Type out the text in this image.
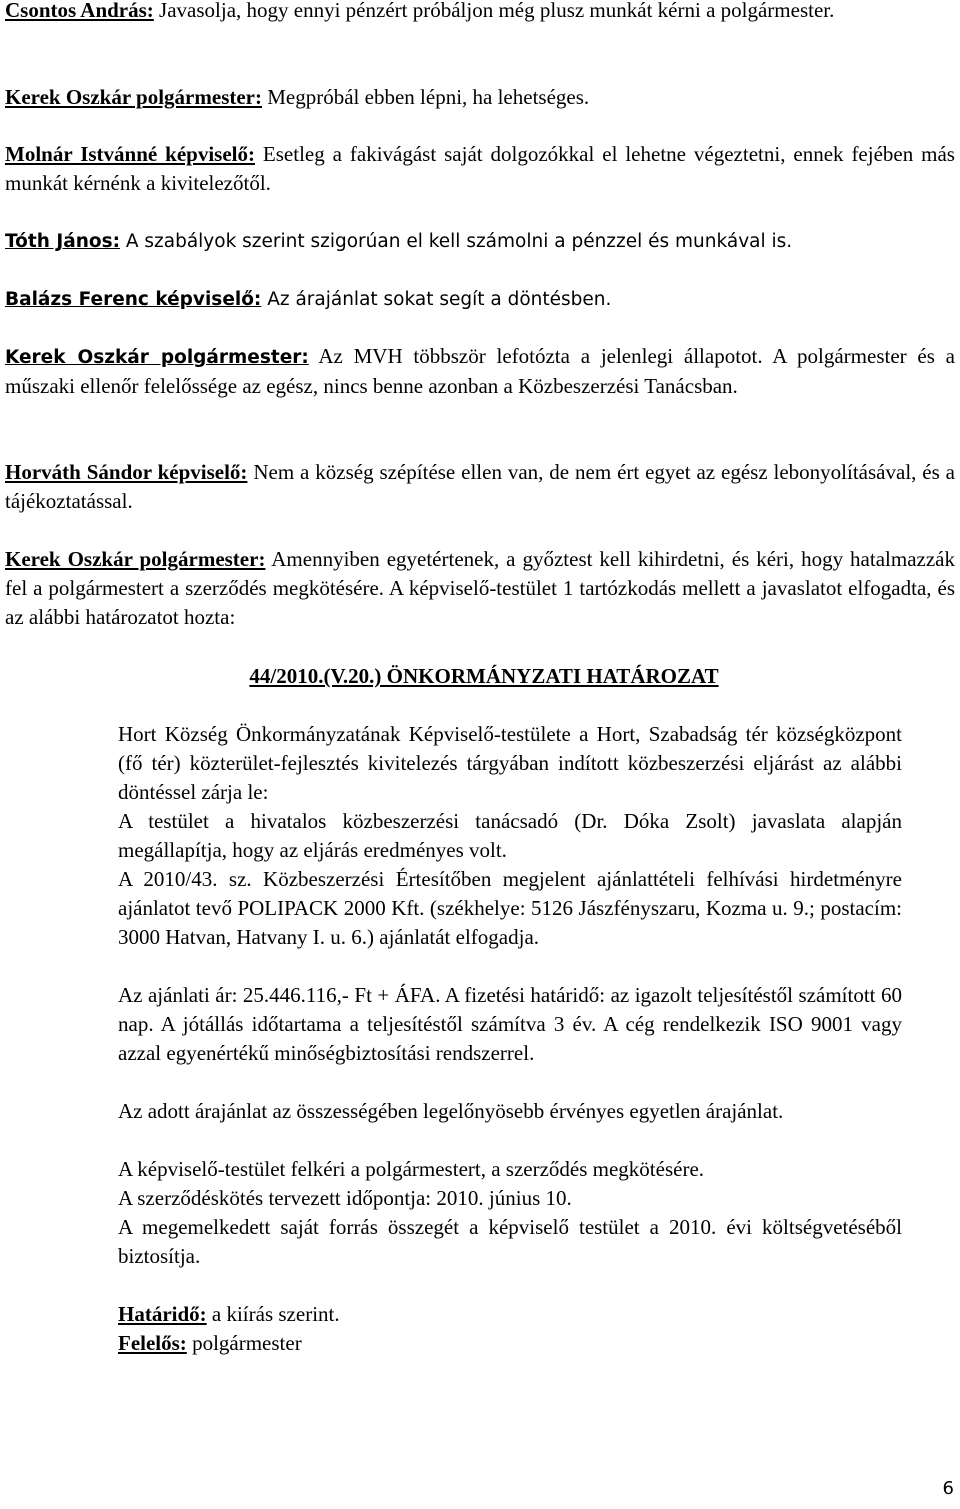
Csontos András: Javasolja, hogy ennyi pénzért próbáljon még plusz munkát kérni a polgármester.

Kerek Oszkár polgármester: Megpróbál ebben lépni, ha lehetséges.

Molnár Istvánné képviselő: Esetleg a fakivágást saját dolgozókkal el lehetne végeztetni, ennek fejében más munkát kérnénk a kivitelezőtől.

Tóth János: A szabályok szerint szigorúan el kell számolni a pénzzel és munkával is.

Balázs Ferenc képviselő: Az árajánlat sokat segít a döntésben.

Kerek Oszkár polgármester: Az MVH többször lefotózta a jelenlegi állapotot. A polgármester és a műszaki ellenőr felelőssége az egész, nincs benne azonban a Közbeszerzési Tanácsban.

Horváth Sándor képviselő: Nem a község szépítése ellen van, de nem ért egyet az egész lebonyolításával, és a tájékoztatással.

Kerek Oszkár polgármester: Amennyiben egyetértenek, a győztest kell kihirdetni, és kéri, hogy hatalmazzák fel a polgármestert a szerződés megkötésére. A képviselő-testület 1 tartózkodás mellett a javaslatot elfogadta, és az alábbi határozatot hozta:

44/2010.(V.20.) ÖNKORMÁNYZATI HATÁROZAT

Hort Község Önkormányzatának Képviselő-testülete a Hort, Szabadság tér községközpont (fő tér) közterület-fejlesztés kivitelezés tárgyában indított közbeszerzési eljárást az alábbi döntéssel zárja le:

A testület a hivatalos közbeszerzési tanácsadó (Dr. Dóka Zsolt) javaslata alapján megállapítja, hogy az eljárás eredményes volt.

A 2010/43. sz. Közbeszerzési Értesítőben megjelent ajánlattételi felhívási hirdetményre ajánlatot tevő POLIPACK 2000 Kft. (székhelye: 5126 Jászfényszaru, Kozma u. 9.; postacím: 3000 Hatvan, Hatvany I. u. 6.) ajánlatát elfogadja.

Az ajánlati ár: 25.446.116,- Ft + ÁFA. A fizetési határidő: az igazolt teljesítéstől számított 60 nap. A jótállás időtartama a teljesítéstől számítva 3 év. A cég rendelkezik ISO 9001 vagy azzal egyenértékű minőségbiztosítási rendszerrel.

Az adott árajánlat az összességében legelőnyösebb érvényes egyetlen árajánlat.

A képviselő-testület felkéri a polgármestert, a szerződés megkötésére.

A szerződéskötés tervezett időpontja: 2010. június 10.

A megemelkedett saját forrás összegét a képviselő testület a 2010. évi költségvetéséből biztosítja.

Határidő: a kiírás szerint.

Felelős: polgármester

6
